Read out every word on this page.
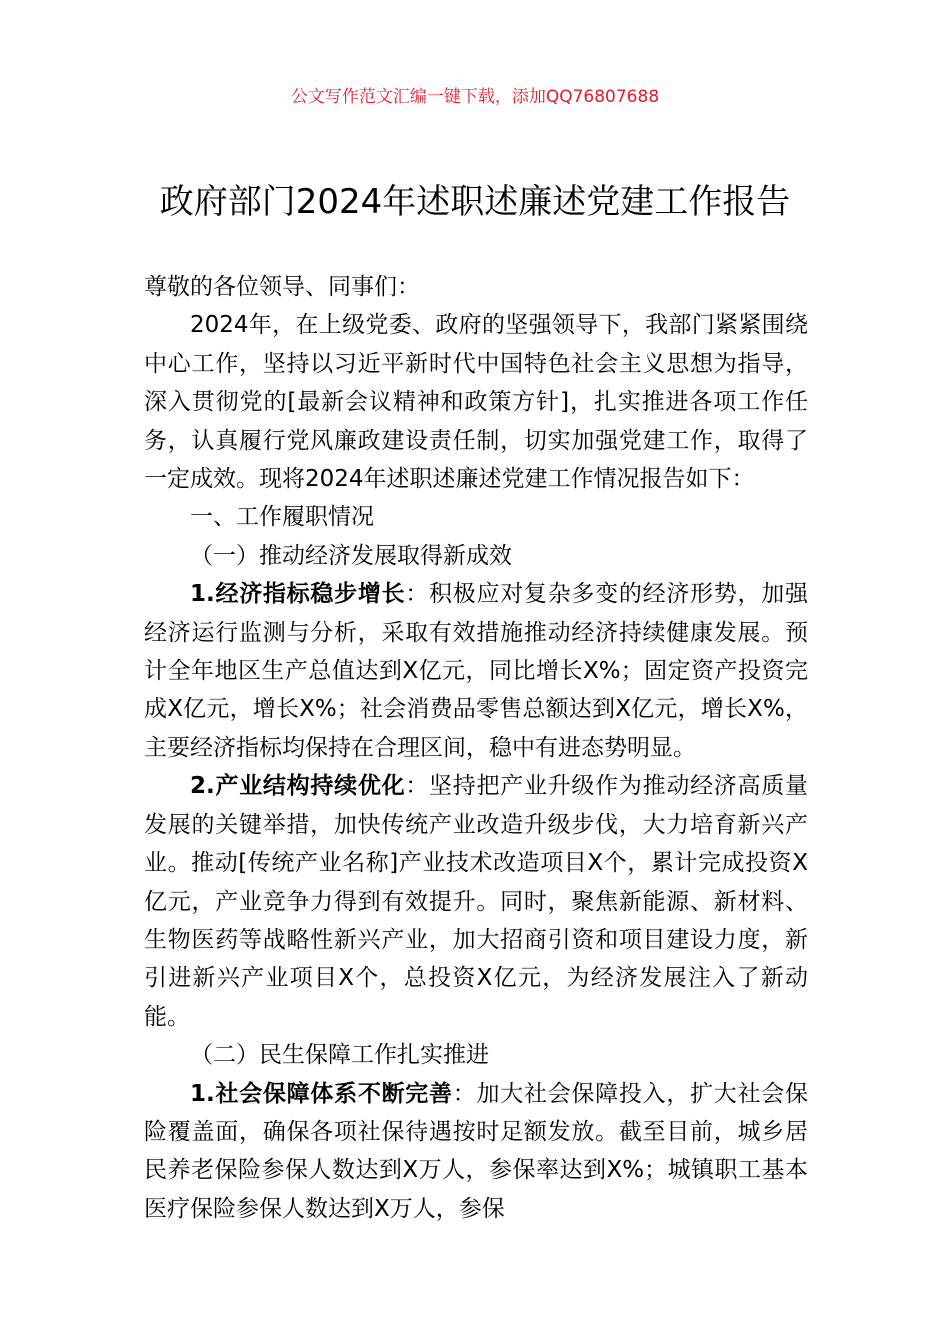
公文写作范文汇编一键下载，添加QQ76807688
政府部门2024年述职述廉述党建工作报告

尊敬的各位领导、同事们：

2024年，在上级党委、政府的坚强领导下，我部门紧紧围绕中心工作，坚持以习近平新时代中国特色社会主义思想为指导，深入贯彻党的[最新会议精神和政策方针]，扎实推进各项工作任务，认真履行党风廉政建设责任制，切实加强党建工作，取得了一定成效。现将2024年述职述廉述党建工作情况报告如下：

一、工作履职情况

（一）推动经济发展取得新成效

1.经济指标稳步增长：积极应对复杂多变的经济形势，加强经济运行监测与分析，采取有效措施推动经济持续健康发展。预计全年地区生产总值达到X亿元，同比增长X%；固定资产投资完成X亿元，增长X%；社会消费品零售总额达到X亿元，增长X%，主要经济指标均保持在合理区间，稳中有进态势明显。

2.产业结构持续优化：坚持把产业升级作为推动经济高质量发展的关键举措，加快传统产业改造升级步伐，大力培育新兴产业。推动[传统产业名称]产业技术改造项目X个，累计完成投资X亿元，产业竞争力得到有效提升。同时，聚焦新能源、新材料、生物医药等战略性新兴产业，加大招商引资和项目建设力度，新引进新兴产业项目X个，总投资X亿元，为经济发展注入了新动能。

（二）民生保障工作扎实推进

1.社会保障体系不断完善：加大社会保障投入，扩大社会保险覆盖面，确保各项社保待遇按时足额发放。截至目前，城乡居民养老保险参保人数达到X万人，参保率达到X%；城镇职工基本医疗保险参保人数达到X万人，参保
